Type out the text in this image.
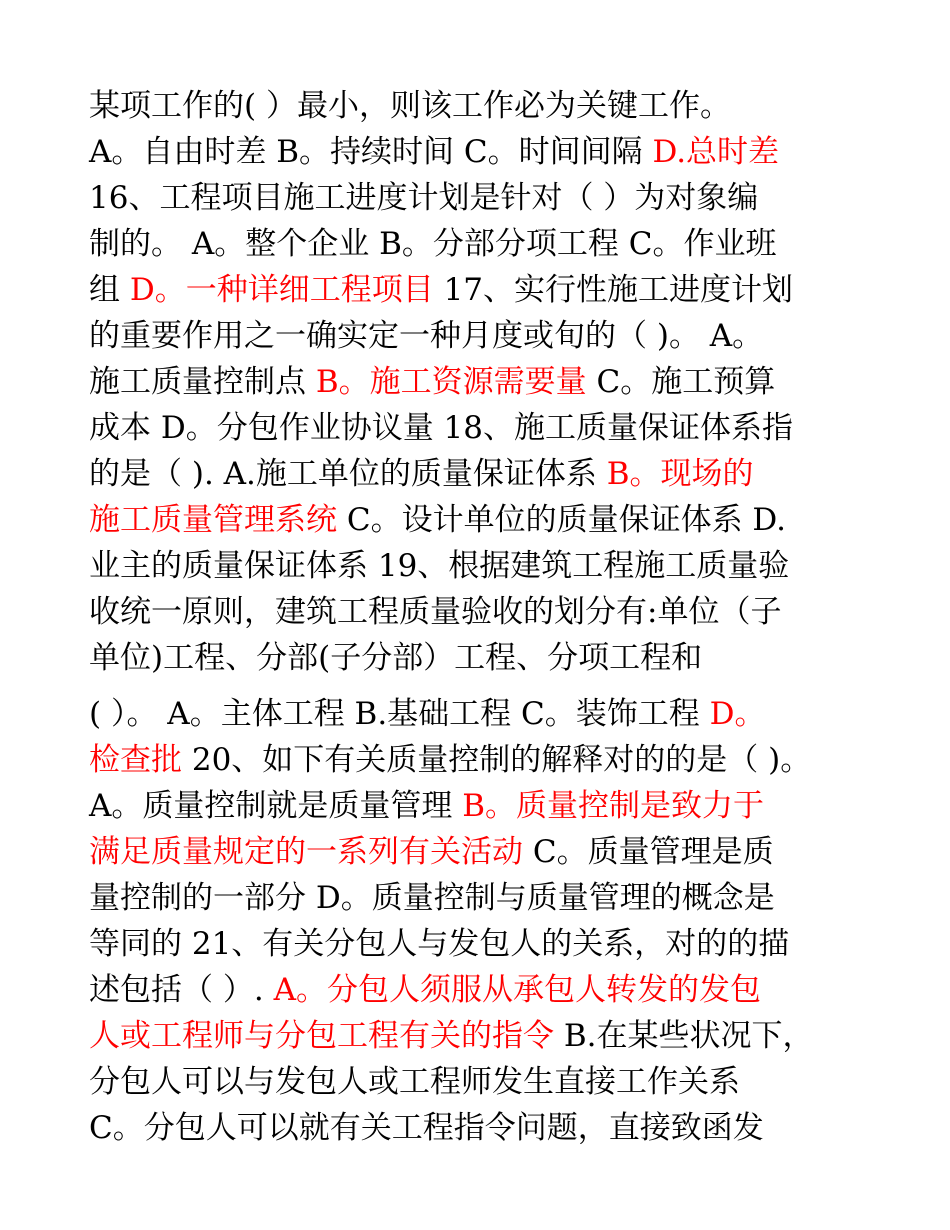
某项工作的( ）最小，则该工作必为关键工作。
A。自由时差 B。持续时间 C。时间间隔 D.总时差
16、工程项目施工进度计划是针对（ ）为对象编
制的。 A。整个企业 B。分部分项工程 C。作业班
组 D。一种详细工程项目 17、实行性施工进度计划
的重要作用之一确实定一种月度或旬的（ )。 A。
施工质量控制点 B。施工资源需要量 C。施工预算
成本 D。分包作业协议量 18、施工质量保证体系指
的是（ ). A.施工单位的质量保证体系 B。现场的
施工质量管理系统 C。设计单位的质量保证体系 D.
业主的质量保证体系 19、根据建筑工程施工质量验
收统一原则，建筑工程质量验收的划分有:单位（子
单位)工程、分部(子分部）工程、分项工程和
( ）。 A。主体工程 B.基础工程 C。装饰工程 D。
检查批 20、如下有关质量控制的解释对的的是（ )。
A。质量控制就是质量管理 B。质量控制是致力于
满足质量规定的一系列有关活动 C。质量管理是质
量控制的一部分 D。质量控制与质量管理的概念是
等同的 21、有关分包人与发包人的关系，对的的描
述包括（ ）. A。分包人须服从承包人转发的发包
人或工程师与分包工程有关的指令 B.在某些状况下，
分包人可以与发包人或工程师发生直接工作关系
C。分包人可以就有关工程指令问题，直接致函发
